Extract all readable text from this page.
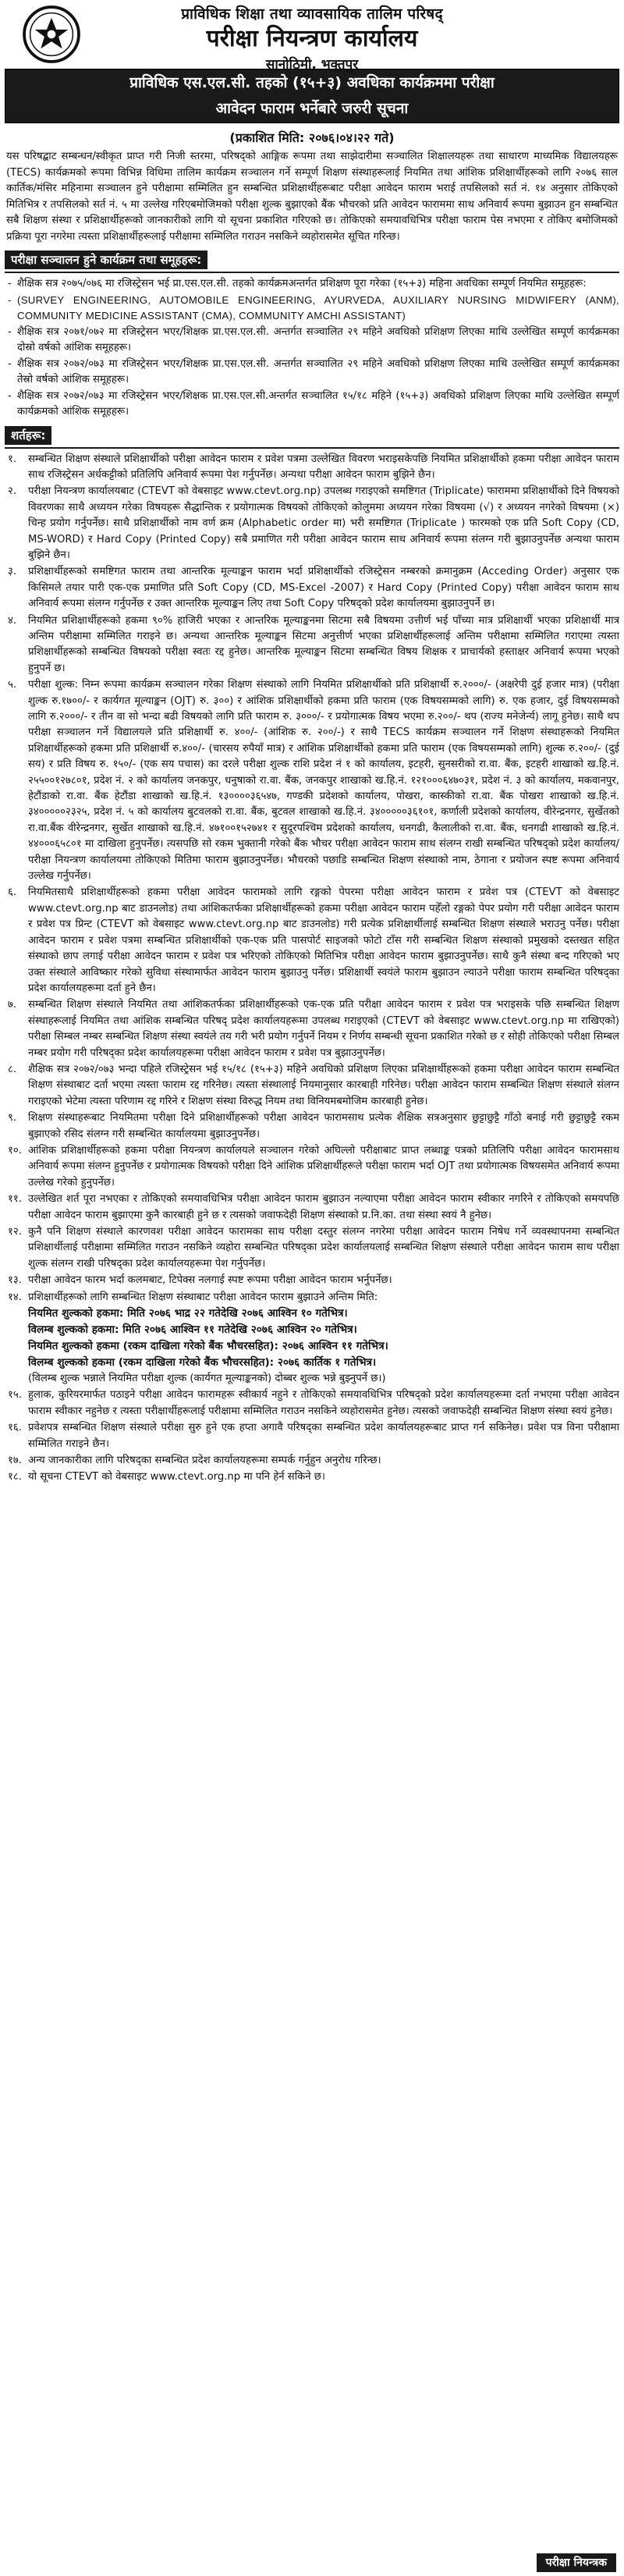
प्राविधिक शिक्षा तथा व्यावसायिक तालिम परिषद्
परीक्षा नियन्त्रण कार्यालय
सानोठिमी, भक्तपुर
प्राविधिक एस.एल.सी. तहको (१५+३) अवधिका कार्यक्रममा परीक्षा
आवेदन फाराम भर्नेबारे जरुरी सूचना
(प्रकाशित मिति: २०७६।०४।२२ गते)
यस परिषद्बाट सम्बन्धन/स्वीकृत प्राप्त गरी निजी स्तरमा, परिषद्को आङ्गिक रूपमा तथा साझेदारीमा सञ्चालित शिक्षालयहरू तथा साधारण माध्यमिक विद्यालयहरू (TECS) कार्यक्रमको रूपमा विभिन्न विधिमा तालिम कार्यक्रम सञ्चालन गर्ने सम्पूर्ण शिक्षण संस्थाहरूलाई नियमित तथा आंशिक प्रशिक्षार्थीहरूको लागि २०७६ साल कार्तिक/मंसिर महिनामा सञ्चालन हुने परीक्षामा सम्मिलित हुन सम्बन्धित प्रशिक्षार्थीहरूबाट परीक्षा आवेदन फाराम भराई तपसिलको सर्त नं. १४ अनुसार तोकिएको मितिभित्र र तपसिलको सर्त नं. ५ मा उल्लेख गरिएबमोजिमको परीक्षा शुल्क बुझाएको बैंक भौचरको प्रति आवेदन फाराममा साथ अनिवार्य रूपमा बुझाउन हुन सम्बन्धित सबै शिक्षण संस्था र प्रशिक्षार्थीहरूको जानकारीको लागि यो सूचना प्रकाशित गरिएको छ। तोकिएको समयावधिभित्र परीक्षा फाराम पेस नभएमा र तोकिए बमोजिमको प्रक्रिया पूरा नगरेमा त्यस्ता प्रशिक्षार्थीहरूलाई परीक्षामा सम्मिलित गराउन नसकिने व्यहोरासमेत सूचित गरिन्छ।
परीक्षा सञ्चालन हुने कार्यक्रम तथा समूहहरू:
- शैक्षिक सत्र २०७५/०७६ मा रजिस्ट्रेसन भई प्रा.एस.एल.सी. तहको कार्यक्रमअन्तर्गत प्रशिक्षण पूरा गरेका (१५+३) महिना अवधिका सम्पूर्ण नियमित समूहहरू:
- (SURVEY ENGINEERING, AUTOMOBILE ENGINEERING, AYURVEDA, AUXILIARY NURSING MIDWIFERY (ANM), COMMUNITY MEDICINE ASSISTANT (CMA), COMMUNITY AMCHI ASSISTANT)
- शैक्षिक सत्र २०७१/०७२ मा रजिस्ट्रेसन भएर/शिक्षक प्रा.एस.एल.सी. अन्तर्गत सञ्चालित २९ महिने अवधिको प्रशिक्षण लिएका माथि उल्लेखित सम्पूर्ण कार्यक्रमका दोस्रो वर्षको आंशिक समूहहरू।
- शैक्षिक सत्र २०७२/०७३ मा रजिस्ट्रेसन भएर/शिक्षक प्रा.एस.एल.सी. अन्तर्गत सञ्चालित २९ महिने अवधिको प्रशिक्षण लिएका माथि उल्लेखित सम्पूर्ण कार्यक्रमका तेस्रो वर्षको आंशिक समूहहरू।
- शैक्षिक सत्र २०७२/०७३ मा रजिस्ट्रेसन भएर/शिक्षक प्रा.एस.एल.सी.अन्तर्गत सञ्चालित १५/१८ महिने (१५+३) अवधिको प्रशिक्षण लिएका माथि उल्लेखित सम्पूर्ण कार्यक्रमको आंशिक समूहहरू।
शर्तहरू:
१.	सम्बन्धित शिक्षण संस्थाले प्रशिक्षार्थीको परीक्षा आवेदन फाराम र प्रवेश पत्रमा उल्लेखित विवरण भराइसकेपछि नियमित प्रशिक्षार्थीको हकमा परीक्षा आवेदन फाराम साथ रजिस्ट्रेसन अर्धकट्टीको प्रतिलिपि अनिवार्य रूपमा पेश गर्नुपर्नेछ। अन्यथा परीक्षा आवेदन फाराम बुझिने छैन।
२.	परीक्षा नियन्त्रण कार्यालयबाट (CTEVT को वेबसाइट www.ctevt.org.np) उपलब्ध गराइएको समष्टिगत (Triplicate) फाराममा प्रशिक्षार्थीको दिने विषयको विवरणका साथै अध्ययन गरेका विषयहरू सैद्धान्तिक र प्रयोगात्मक विषयको तोकिएको कोलुममा अध्ययन गरेका विषयमा (√) र अध्ययन नगरेको विषयमा (×) चिन्ह प्रयोग गर्नुपर्नेछ। साथै प्रशिक्षार्थीको नाम वर्ण क्रम (Alphabetic order मा) भरी समष्टिगत (Triplicate ) फारमको एक प्रति Soft Copy (CD, MS-WORD) र Hard Copy (Printed Copy) सबै प्रमाणित गरी परीक्षा आवेदन फाराम साथ अनिवार्य रूपमा संलग्न गरी बुझाउनुपर्नेछ अन्यथा फाराम बुझिने छैन।
३.	प्रशिक्षार्थीहरूको समष्टिगत फाराम तथा आन्तरिक मूल्याङ्कन फाराम भर्दा प्रशिक्षार्थीको रजिस्ट्रेसन नम्बरको क्रमानुक्रम (Acceding Order) अनुसार एक किसिमले तयार पारी एक-एक प्रमाणित प्रति Soft Copy (CD, MS-Excel -2007) र Hard Copy (Printed Copy) परीक्षा आवेदन फाराम साथ अनिवार्य रूपमा संलग्न गर्नुपर्नेछ र उक्त आन्तरिक मूल्याङ्कन लिए तथा Soft Copy परिषद्को प्रदेश कार्यालयमा बुझाउनुपर्ने छ।
४.	नियमित प्रशिक्षार्थीहरूको हकमा ९०% हाजिरी भएका र आन्तरिक मूल्याङ्कनमा सिटमा सबै विषयमा उत्तीर्ण भई पाँच्या मात्र प्रशिक्षार्थी भएका प्रशिक्षार्थी मात्र अन्तिम परीक्षामा सम्मिलित गराइने छ। अन्यथा आन्तरिक मूल्याङ्कन सिटमा अनुत्तीर्ण भएका प्रशिक्षार्थीहरूलाई अन्तिम परीक्षामा सम्मिलित गराएमा त्यस्ता प्रशिक्षार्थीहरूको सम्बन्धित विषयको परीक्षा स्वतः रद्द हुनेछ। आन्तरिक मूल्याङ्कन सिटमा सम्बन्धित विषय शिक्षक र प्राचार्यको हस्ताक्षर अनिवार्य रूपमा भएको हुनुपर्ने छ।
५.	परीक्षा शुल्क: निम्न रूपमा कार्यक्रम सञ्चालन गरेका शिक्षण संस्थाको लागि नियमित प्रशिक्षार्थीको प्रति प्रशिक्षार्थी रु.२०००/- (अक्षरेपी दुई हजार मात्र) (परीक्षा शुल्क रु.१७००/- र कार्यगत मूल्याङ्कन (OJT) रु. ३००) र आंशिक प्रशिक्षार्थीको हकमा प्रति फाराम (एक विषयसम्मको लागि) रु. एक हजार, दुई विषयसम्मको लागि रु.२०००/- र तीन वा सो भन्दा बढी विषयको लागि प्रति फाराम रु. ३०००/- र प्रयोगात्मक विषय भएमा रु.२००/- थप (राज्य मनेजेर्न्य) लागू हुनेछ। साथै थप परीक्षा सञ्चालन गर्ने विद्यालयले प्रति प्रशिक्षार्थी रु. ४००/- (आंशिक रु. २००/-) र साथै TECS कार्यक्रम सञ्चालन गर्ने शिक्षण संस्थाहरूको नियमित प्रशिक्षार्थीहरूको हकमा प्रति प्रशिक्षार्थी रु.४००/- (चारसय रुपैयाँ मात्र) र आंशिक प्रशिक्षार्थीको हकमा प्रति फाराम (एक विषयसम्मको लागि) शुल्क रु.२००/- (दुई सय) र प्रति विषय रु. १५०/- (एक सय पचास) का दरले परीक्षा शुल्क राशि प्रदेश नं १ को कार्यालय, इटहरी, सुनसरीको रा.वा. बैंक, इटहरी शाखाको ख.हि.नं. २५५००१२७८०१, प्रदेश नं. २ को कार्यालय जनकपुर, धनुषाको रा.वा. बैंक, जनकपुर शाखाको ख.हि.नं. १२१०००६४७०३१, प्रदेश नं. ३ को कार्यालय, मकवानपुर, हेटौंडाको रा.वा. बैंक हेटौंडा शाखाको ख.हि.नं. १३००००३६५४७, गण्डकी प्रदेशको कार्यालय, पोखरा, कास्कीको रा.वा. बैंक पोखरा शाखाको ख.हि.नं. ३४०००००२३२५, प्रदेश नं. ५ को कार्यालय बुटवलको रा.वा. बैंक, बुटवल शाखाको ख.हि.नं. ३४०००००३६१०१, कर्णाली प्रदेशको कार्यालय, वीरेन्द्रनगर, सुर्खेतको रा.वा.बैंक वीरेन्द्रनगर, सुर्खेत शाखाको ख.हि.नं. ४७१००१५२७४१ र सुदूरपश्चिम प्रदेशको कार्यालय, धनगढी, कैलालीको रा.वा. बैंक, धनगढी शाखाको ख.हि.नं. ४४०००६५८०१ मा दाखिला हुनुपर्नेछ। त्यसपछि सो रकम भुक्तानी गरेको बैंक भौचर परीक्षा आवेदन फाराम साथ संलग्न राखी सम्बन्धित परिषद्को प्रदेश कार्यालय/ परीक्षा नियन्त्रण कार्यालयमा तोकिएको मितिमा फाराम बुझाउनुपर्नेछ। भौचरको पछाडि सम्बन्धित शिक्षण संस्थाको नाम, ठेगाना र प्रयोजन स्पष्ट रूपमा अनिवार्य उल्लेख गर्नुपर्नेछ।
६.	नियमितसाथै प्रशिक्षार्थीहरूको हकमा परीक्षा आवेदन फारामको लागि रङ्गको पेपरमा परीक्षा आवेदन फाराम र प्रवेश पत्र (CTEVT को वेबसाइट www.ctevt.org.np बाट डाउनलोड) तथा आंशिकतर्फका प्रशिक्षार्थीहरूको हकमा परीक्षा आवेदन फाराम पहेँलो रङ्गको पेपर प्रयोग गरी परीक्षा आवेदन फाराम र प्रवेश पत्र प्रिन्ट (CTEVT को वेबसाइट www.ctevt.org.np बाट डाउनलोड) गरी प्रत्येक प्रशिक्षार्थीलाई सम्बन्धित शिक्षण संस्थाले भराउनु पर्नेछ। परीक्षा आवेदन फाराम र प्रवेश पत्रमा सम्बन्धित प्रशिक्षार्थीको एक-एक प्रति पासपोर्ट साइजको फोटो टाँस गरी सम्बन्धित शिक्षण संस्थाको प्रमुखको दस्तखत सहित संस्थाको छाप लगाई परीक्षा आवेदन फाराम र प्रवेश पत्र भरिएको तोकिएको मितिभित्र परीक्षा आवेदन फाराम बुझाउनुपर्नेछ। साथै कुनै संस्था बन्द गरिएको भए उक्त संस्थाले आविष्कार गरेको सुविधा संस्थामार्फत आवेदन फाराम बुझाउनु पर्नेछ। प्रशिक्षार्थी स्वयंले फाराम बुझाउन ल्याउने परीक्षा फाराम सम्बन्धित परिषद्का प्रदेश कार्यालयहरूमा दर्ता हुने छैन।
७.	सम्बन्धित शिक्षण संस्थाले नियमित तथा आंशिकतर्फका प्रशिक्षार्थीहरूको एक-एक प्रति परीक्षा आवेदन फाराम र प्रवेश पत्र भराइसके पछि सम्बन्धित शिक्षण संस्थाहरूलाई नियमित तथा आंशिक सम्बन्धित परिषद् प्रदेश कार्यालयहरूमा उपलब्ध गराइएको (CTEVT को वेबसाइट www.ctevt.org.np मा राखिएको) परीक्षा सिम्बल नम्बर सम्बन्धित शिक्षण संस्था स्वयंले तय गरी भरी प्रयोग गर्नुपर्ने नियम र निर्णय सम्बन्धी सूचना प्रकाशित गरेको छ र सोही तोकिएको परीक्षा सिम्बल नम्बर प्रयोग गरी परिषद्का प्रदेश कार्यालयहरूमा परीक्षा आवेदन फाराम र प्रवेश पत्र बुझाउनुपर्नेछ।
८.	शैक्षिक सत्र २०७२/०७३ भन्दा पहिले रजिस्ट्रेसन भई १५/१८ (१५+३) महिने अवधिको प्रशिक्षण लिएका प्रशिक्षार्थीहरूको हकमा परीक्षा आवेदन फाराम सम्बन्धित शिक्षण संस्थाबाट दर्ता भएमा त्यस्ता फाराम रद्द गरिनेछ। त्यस्ता संस्थालाई नियमानुसार कारबाही गरिनेछ। परीक्षा आवेदन फाराम सम्बन्धित शिक्षण संस्थाले संलग्न गराइएको भेटेमा त्यस्ता परिणाम रद्द गरिने र शिक्षण संस्था विरुद्ध नियम तथा विनियमबमोजिम कारबाही हुनेछ।
९.	शिक्षण संस्थाहरूबाट नियमितमा परीक्षा दिने प्रशिक्षार्थीहरूको परीक्षा आवेदन फारामसाथ प्रत्येक शैक्षिक सत्रअनुसार छुट्टाछुट्टै गाँठो बनाई गरी छुट्टाछुट्टै रकम बुझाएको रसिद संलग्न गरी सम्बन्धित कार्यालयमा बुझाउनुपर्नेछ।
१०. आंशिक प्रशिक्षार्थीहरूको हकमा परीक्षा नियन्त्रण कार्यालयले सञ्चालन गरेको अघिल्लो परीक्षाबाट प्राप्त लब्धाङ्क पत्रको प्रतिलिपि परीक्षा आवेदन फारामसाथ अनिवार्य रूपमा संलग्न हुनुपर्नेछ र प्रयोगात्मक विषयको परीक्षा दिने आंशिक प्रशिक्षार्थीहरूले परीक्षा फाराम भर्दा OJT तथा प्रयोगात्मक विषयसमेत अनिवार्य रूपमा उल्लेख गरेको हुनुपर्नेछ।
११. उल्लेखित शर्त पूरा नभएका र तोकिएको समयावधिभित्र परीक्षा आवेदन फाराम बुझाउन नल्याएमा परीक्षा आवेदन फाराम स्वीकार नगरिने र तोकिएको समयपछि परीक्षा आवेदन फाराम बुझाएमा कुनै कारबाही हुने छ र त्यसको जवाफदेही शिक्षण संस्थाको प्र.नि.का. तथा संस्था स्वयं नै हुनेछ।
१२. कुनै पनि शिक्षण संस्थाले कारणवश परीक्षा आवेदन फारामका साथ परीक्षा दस्तुर संलग्न नगरेमा परीक्षा आवेदन फाराम निषेध गर्ने व्यवस्थापनमा सम्बन्धित प्रशिक्षार्थीलाई परीक्षामा सम्मिलित गराउन नसकिने व्यहोरा सम्बन्धित परिषद्का प्रदेश कार्यालयलाई सम्बन्धित शिक्षण संस्थाले परीक्षा आवेदन फाराम साथ परीक्षा शुल्क संलग्न राखी परिषद्का प्रदेश कार्यालयहरूमा पेश गर्नुपर्नेछ।
१३. परीक्षा आवेदन फारम भर्दा कलमबाट, टिपेक्स नलगाई स्पष्ट रूपमा परीक्षा आवेदन फाराम भर्नुपर्नेछ।
१४. प्रशिक्षार्थीहरूको लागि सम्बन्धित शिक्षण संस्थाबाट परीक्षा आवेदन फाराम बुझाउने अन्तिम मिति:
नियमित शुल्कको हकमा: मिति २०७६ भाद्र २२ गतेदेखि २०७६ आश्विन १० गतेभित्र।
विलम्ब शुल्कको हकमा: मिति २०७६ आश्विन ११ गतेदेखि २०७६ आश्विन २० गतेभित्र।
नियमित शुल्कको हकमा (रकम दाखिला गरेको बैंक भौचरसहित): २०७६ आश्विन ११ गतेभित्र।
विलम्ब शुल्कको हकमा (रकम दाखिला गरेको बैंक भौचरसहित): २०७६ कार्तिक १ गतेभित्र।
(विलम्ब शुल्क भन्नाले नियमित परीक्षा शुल्क (कार्यगत मूल्याङ्कनको) दोब्बर शुल्क भन्ने बुझ्नुपर्ने छ।)
१५. हुलाक, कुरियरमार्फत पठाइने परीक्षा आवेदन फारामहरू स्वीकार्य नहुने र तोकिएको समयावधिभित्र परिषद्को प्रदेश कार्यालयहरूमा दर्ता नभएमा परीक्षा आवेदन फाराम स्वीकार नहुनेछ र त्यस्ता परीक्षार्थीहरूलाई परीक्षामा सम्मिलित गराउन नसकिने व्यहोरासमेत हुनेछ। त्यसको जवाफदेही सम्बन्धित शिक्षण संस्था स्वयं हुनेछ।
१६. प्रवेशपत्र सम्बन्धित शिक्षण संस्थाले परीक्षा सुरु हुने एक हप्ता अगावै परिषद्का सम्बन्धित प्रदेश कार्यालयहरूबाट प्राप्त गर्न सकिनेछ। प्रवेश पत्र विना परीक्षामा सम्मिलित गराइने छैन।
१७. अन्य जानकारीका लागि परिषद्का सम्बन्धित प्रदेश कार्यालयहरूमा सम्पर्क गर्नुहुन अनुरोध गरिन्छ।
१८. यो सूचना CTEVT को वेबसाइट www.ctevt.org.np मा पनि हेर्न सकिने छ।
परीक्षा नियन्त्रक
